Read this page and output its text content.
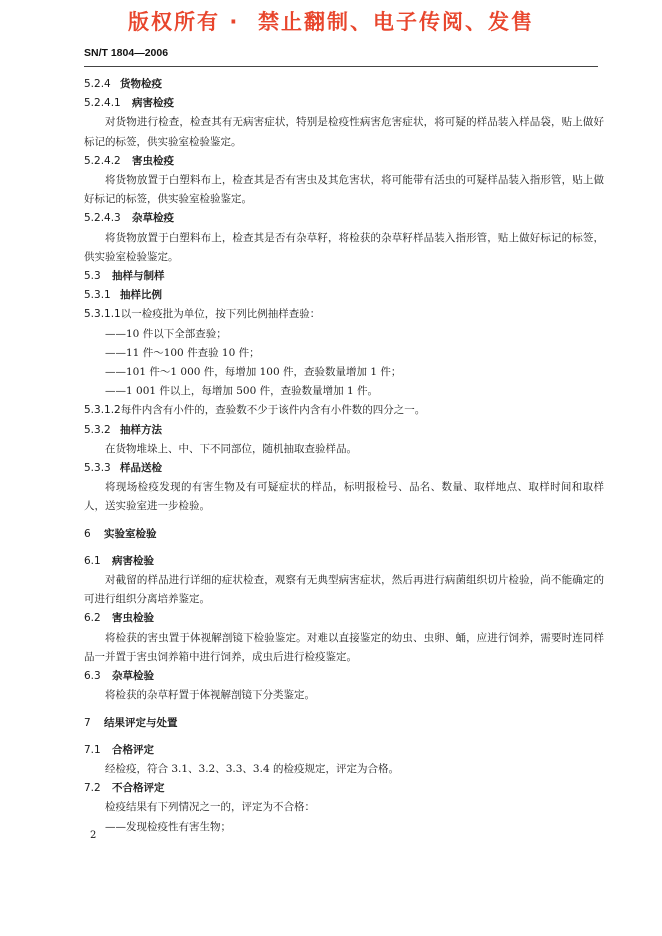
版权所有 ·  禁止翻制、电子传阅、发售
SN/T 1804—2006
5.2.4 货物检疫
5.2.4.1 病害检疫
对货物进行检查，检查其有无病害症状，特别是检疫性病害危害症状，将可疑的样品装入样品袋，贴上做好标记的标签，供实验室检验鉴定。
5.2.4.2 害虫检疫
将货物放置于白塑料布上，检查其是否有害虫及其危害状，将可能带有活虫的可疑样品装入指形管，贴上做好标记的标签，供实验室检验鉴定。
5.2.4.3 杂草检疫
将货物放置于白塑料布上，检查其是否有杂草籽，将检获的杂草籽样品装入指形管，贴上做好标记的标签，供实验室检验鉴定。
5.3 抽样与制样
5.3.1 抽样比例
5.3.1.1以一检疫批为单位，按下列比例抽样查验：
——10 件以下全部查验；
——11 件～100 件查验 10 件；
——101 件～1 000 件，每增加 100 件，查验数量增加 1 件；
——1 001 件以上，每增加 500 件，查验数量增加 1 件。
5.3.1.2每件内含有小件的，查验数不少于该件内含有小件数的四分之一。
5.3.2 抽样方法
在货物堆垛上、中、下不同部位，随机抽取查验样品。
5.3.3 样品送检
将现场检疫发现的有害生物及有可疑症状的样品，标明报检号、品名、数量、取样地点、取样时间和取样人，送实验室进一步检验。
6 实验室检验
6.1 病害检验
对截留的样品进行详细的症状检查，观察有无典型病害症状，然后再进行病菌组织切片检验，尚不能确定的可进行组织分离培养鉴定。
6.2 害虫检验
将检获的害虫置于体视解剖镜下检验鉴定。对难以直接鉴定的幼虫、虫卵、蛹，应进行饲养，需要时连同样品一并置于害虫饲养箱中进行饲养，成虫后进行检疫鉴定。
6.3 杂草检验
将检获的杂草籽置于体视解剖镜下分类鉴定。
7 结果评定与处置
7.1 合格评定
经检疫，符合 3.1、3.2、3.3、3.4 的检疫规定，评定为合格。
7.2 不合格评定
检疫结果有下列情况之一的，评定为不合格：
——发现检疫性有害生物；
2
